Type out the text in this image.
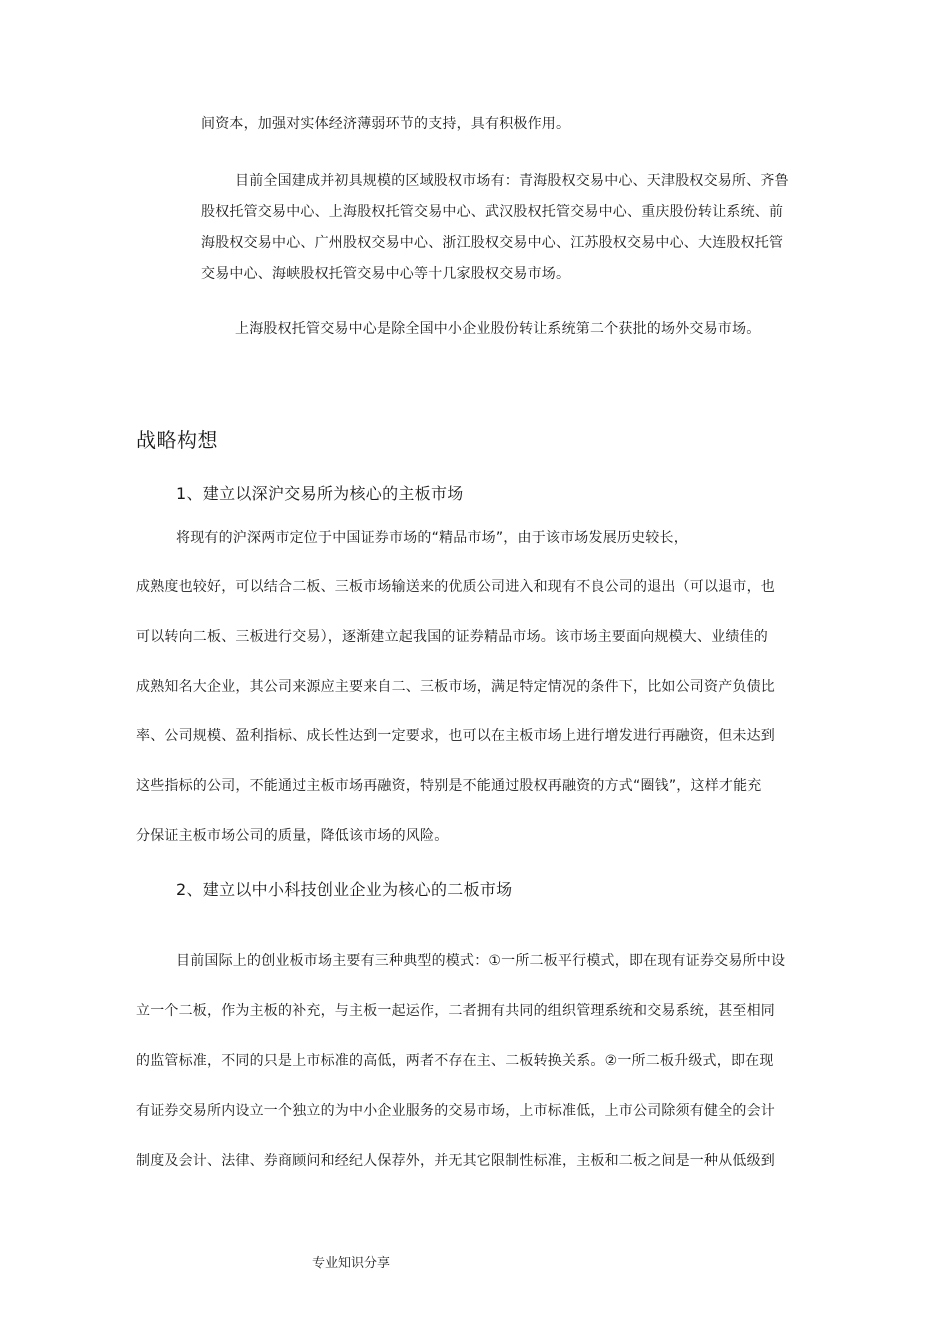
间资本，加强对实体经济薄弱环节的支持，具有积极作用。
目前全国建成并初具规模的区域股权市场有：青海股权交易中心、天津股权交易所、齐鲁
股权托管交易中心、上海股权托管交易中心、武汉股权托管交易中心、重庆股份转让系统、前
海股权交易中心、广州股权交易中心、浙江股权交易中心、江苏股权交易中心、大连股权托管
交易中心、海峡股权托管交易中心等十几家股权交易市场。
上海股权托管交易中心是除全国中小企业股份转让系统第二个获批的场外交易市场。
战略构想
1、建立以深沪交易所为核心的主板市场
将现有的沪深两市定位于中国证券市场的“精品市场”，由于该市场发展历史较长，
成熟度也较好，可以结合二板、三板市场输送来的优质公司进入和现有不良公司的退出（可以退市，也
可以转向二板、三板进行交易），逐渐建立起我国的证券精品市场。该市场主要面向规模大、业绩佳的
成熟知名大企业，其公司来源应主要来自二、三板市场，满足特定情况的条件下，比如公司资产负债比
率、公司规模、盈利指标、成长性达到一定要求，也可以在主板市场上进行增发进行再融资，但未达到
这些指标的公司，不能通过主板市场再融资，特别是不能通过股权再融资的方式“圈钱”，这样才能充
分保证主板市场公司的质量，降低该市场的风险。
2、建立以中小科技创业企业为核心的二板市场
目前国际上的创业板市场主要有三种典型的模式：①一所二板平行模式，即在现有证券交易所中设
立一个二板，作为主板的补充，与主板一起运作，二者拥有共同的组织管理系统和交易系统，甚至相同
的监管标准，不同的只是上市标准的高低，两者不存在主、二板转换关系。②一所二板升级式，即在现
有证券交易所内设立一个独立的为中小企业服务的交易市场，上市标准低，上市公司除须有健全的会计
制度及会计、法律、券商顾问和经纪人保荐外，并无其它限制性标准，主板和二板之间是一种从低级到
专业知识分享
